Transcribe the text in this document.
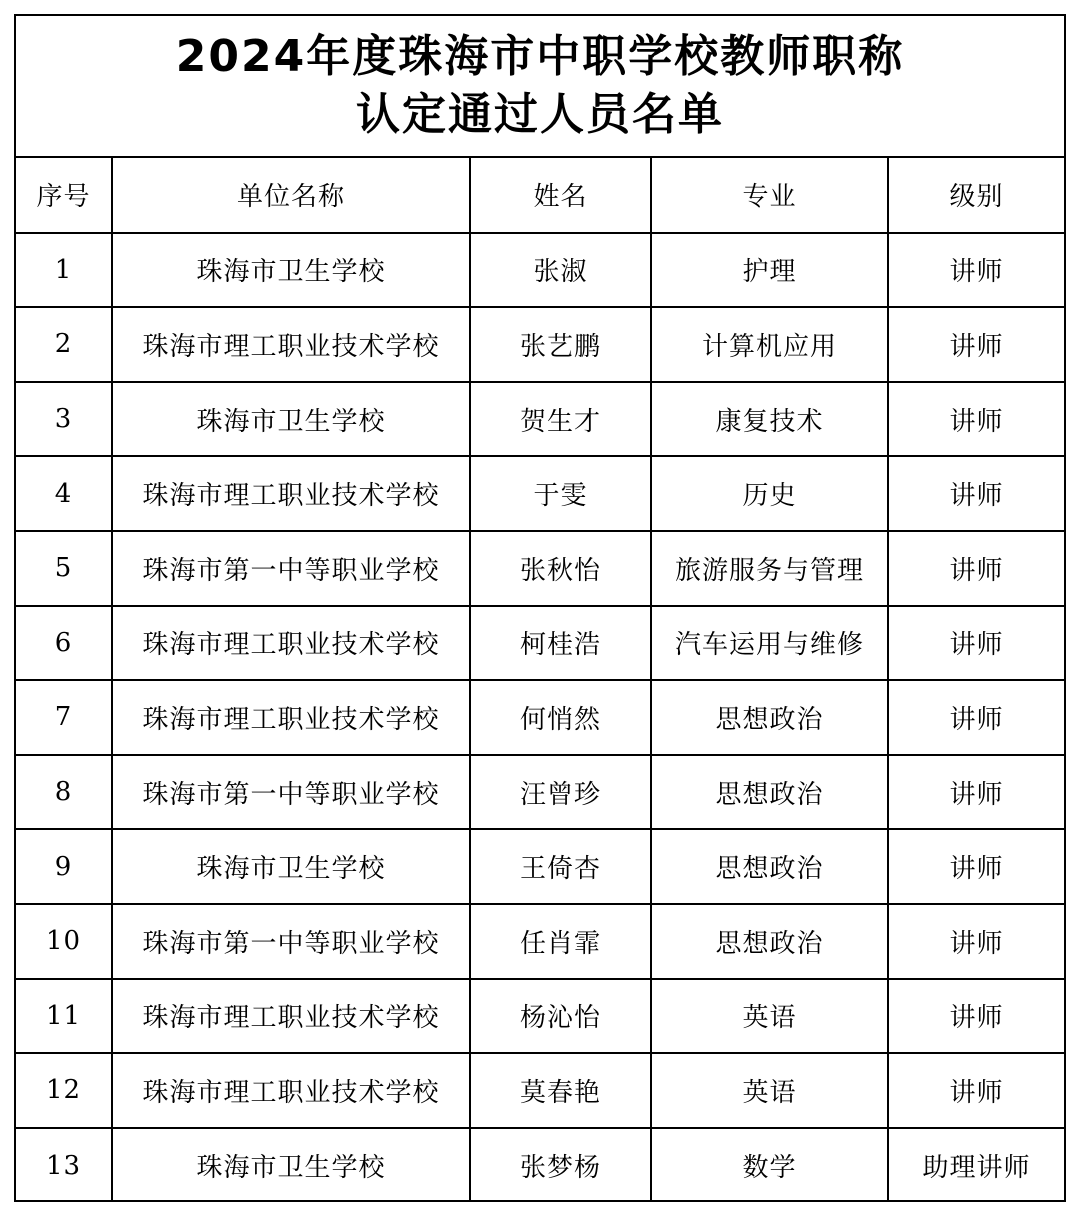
2024年度珠海市中职学校教师职称
认定通过人员名单
序号	单位名称	姓名	专业	级别
1	珠海市卫生学校	张淑	护理	讲师
2	珠海市理工职业技术学校	张艺鹏	计算机应用	讲师
3	珠海市卫生学校	贺生才	康复技术	讲师
4	珠海市理工职业技术学校	于雯	历史	讲师
5	珠海市第一中等职业学校	张秋怡	旅游服务与管理	讲师
6	珠海市理工职业技术学校	柯桂浩	汽车运用与维修	讲师
7	珠海市理工职业技术学校	何悄然	思想政治	讲师
8	珠海市第一中等职业学校	汪曾珍	思想政治	讲师
9	珠海市卫生学校	王倚杏	思想政治	讲师
10	珠海市第一中等职业学校	任肖霏	思想政治	讲师
11	珠海市理工职业技术学校	杨沁怡	英语	讲师
12	珠海市理工职业技术学校	莫春艳	英语	讲师
13	珠海市卫生学校	张梦杨	数学	助理讲师
